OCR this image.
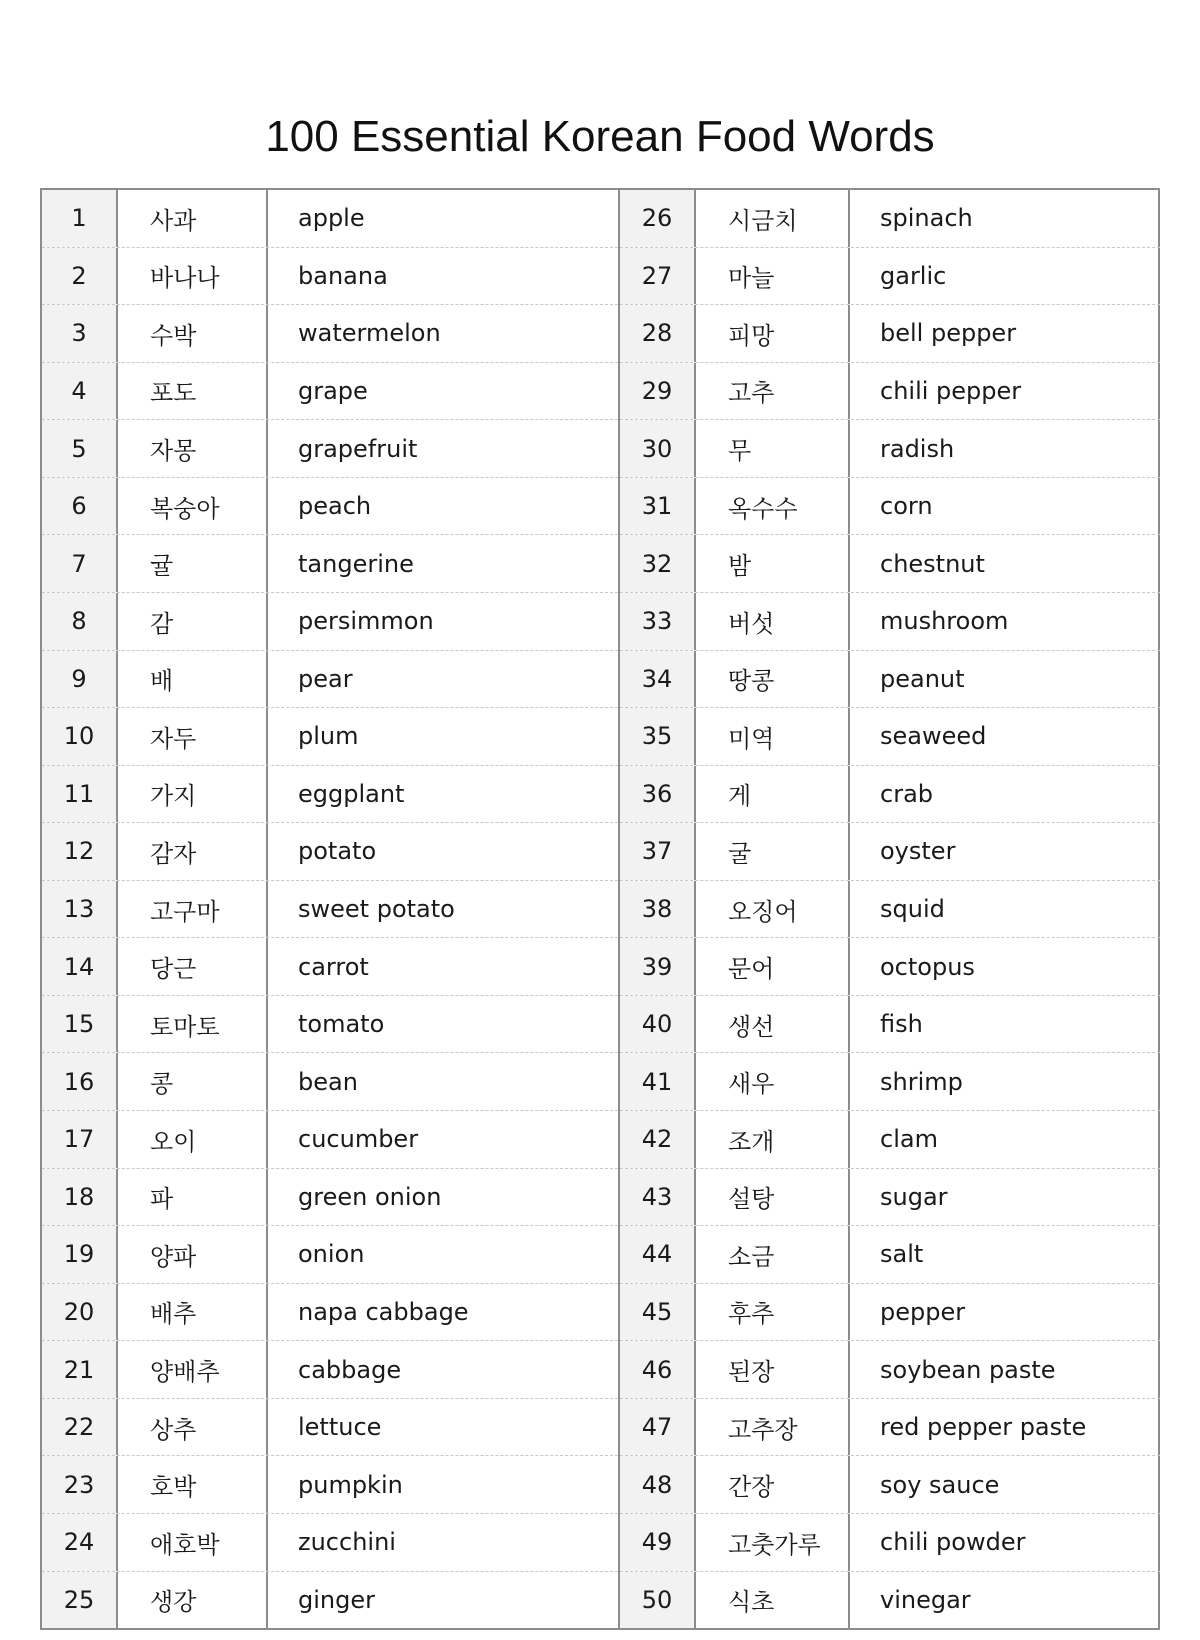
100 Essential Korean Food Words
1	사과	apple
2	바나나	banana
3	수박	watermelon
4	포도	grape
5	자몽	grapefruit
6	복숭아	peach
7	귤	tangerine
8	감	persimmon
9	배	pear
10	자두	plum
11	가지	eggplant
12	감자	potato
13	고구마	sweet potato
14	당근	carrot
15	토마토	tomato
16	콩	bean
17	오이	cucumber
18	파	green onion
19	양파	onion
20	배추	napa cabbage
21	양배추	cabbage
22	상추	lettuce
23	호박	pumpkin
24	애호박	zucchini
25	생강	ginger
26	시금치	spinach
27	마늘	garlic
28	피망	bell pepper
29	고추	chili pepper
30	무	radish
31	옥수수	corn
32	밤	chestnut
33	버섯	mushroom
34	땅콩	peanut
35	미역	seaweed
36	게	crab
37	굴	oyster
38	오징어	squid
39	문어	octopus
40	생선	fish
41	새우	shrimp
42	조개	clam
43	설탕	sugar
44	소금	salt
45	후추	pepper
46	된장	soybean paste
47	고추장	red pepper paste
48	간장	soy sauce
49	고춧가루	chili powder
50	식초	vinegar
